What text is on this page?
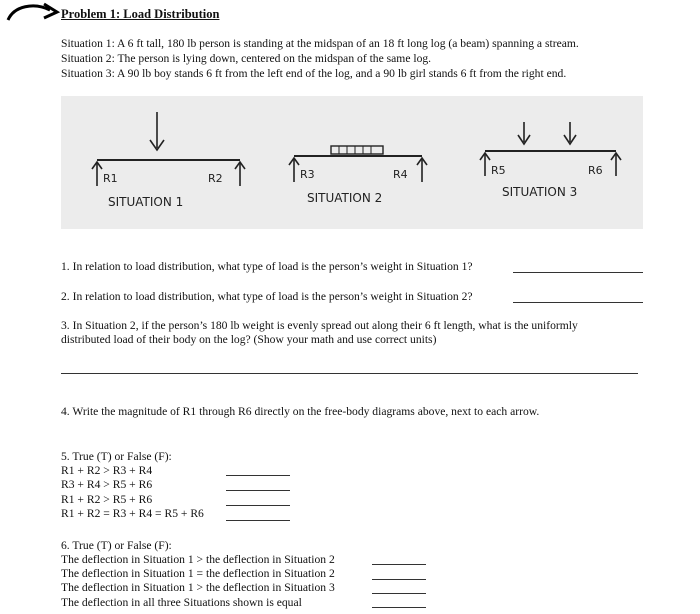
Problem 1: Load Distribution
Situation 1: A 6 ft tall, 180 lb person is standing at the midspan of an 18 ft long log (a beam) spanning a stream.
Situation 2: The person is lying down, centered on the midspan of the same log.
Situation 3: A 90 lb boy stands 6 ft from the left end of the log, and a 90 lb girl stands 6 ft from the right end.
R1	R2
SITUATION 1
R3	R4
SITUATION 2
R5	R6
SITUATION 3
1. In relation to load distribution, what type of load is the person’s weight in Situation 1?
2. In relation to load distribution, what type of load is the person’s weight in Situation 2?
3. In Situation 2, if the person’s 180 lb weight is evenly spread out along their 6 ft length, what is the uniformly
distributed load of their body on the log? (Show your math and use correct units)
4. Write the magnitude of R1 through R6 directly on the free-body diagrams above, next to each arrow.
5. True (T) or False (F):
R1 + R2 > R3 + R4
R3 + R4 > R5 + R6
R1 + R2 > R5 + R6
R1 + R2 = R3 + R4 = R5 + R6
6. True (T) or False (F):
The deflection in Situation 1 > the deflection in Situation 2
The deflection in Situation 1 = the deflection in Situation 2
The deflection in Situation 1 > the deflection in Situation 3
The deflection in all three Situations shown is equal
